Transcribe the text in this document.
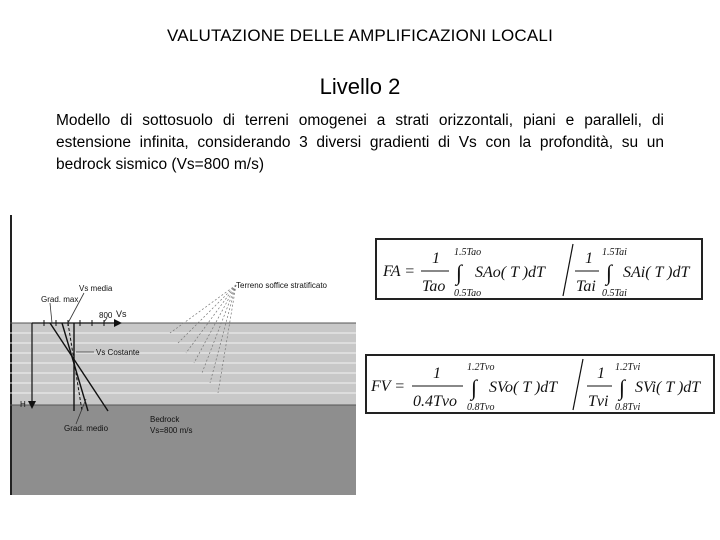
VALUTAZIONE DELLE AMPLIFICAZIONI LOCALI
Livello 2
Modello di sottosuolo di terreni omogenei a strati orizzontali, piani e paralleli, di estensione infinita, considerando 3 diversi gradienti di Vs con la profondità, su un bedrock sismico (Vs=800 m/s)
Vs media
Grad. max
800 Vs
Vs Costante
H
Grad. medio
Terreno soffice stratificato
Bedrock
Vs=800 m/s
FA =
1
Tao
1.5Tao
∫
0.5Tao
SAo( T )dT
1
Tai
1.5Tai
∫
0.5Tai
SAi( T )dT
FV =
1
0.4Tvo
1.2Tvo
∫
0.8Tvo
SVo( T )dT
1
Tvi
1.2Tvi
∫
0.8Tvi
SVi( T )dT
